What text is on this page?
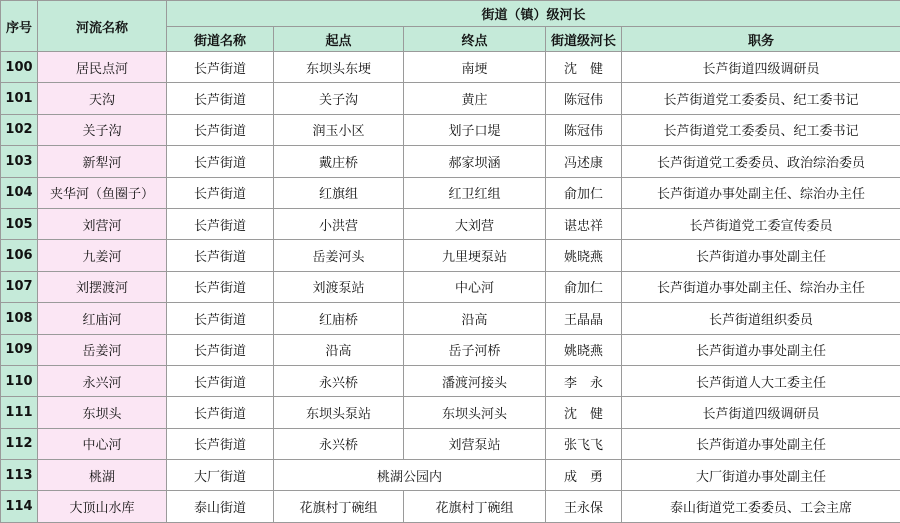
序号	河流名称	街道（镇）级河长				
		街道名称	起点	终点	街道级河长	职务
100	居民点河	长芦街道	东坝头东埂	南埂	沈　健	长芦街道四级调研员
101	天沟	长芦街道	关子沟	黄庄	陈冠伟	长芦街道党工委委员、纪工委书记
102	关子沟	长芦街道	润玉小区	划子口堤	陈冠伟	长芦街道党工委委员、纪工委书记
103	新犁河	长芦街道	戴庄桥	郝家坝涵	冯述康	长芦街道党工委委员、政治综治委员
104	夹华河（鱼圈子）	长芦街道	红旗组	红卫红组	俞加仁	长芦街道办事处副主任、综治办主任
105	刘营河	长芦街道	小洪营	大刘营	谌忠祥	长芦街道党工委宣传委员
106	九姜河	长芦街道	岳姜河头	九里埂泵站	姚晓燕	长芦街道办事处副主任
107	刘摆渡河	长芦街道	刘渡泵站	中心河	俞加仁	长芦街道办事处副主任、综治办主任
108	红庙河	长芦街道	红庙桥	沿高	王晶晶	长芦街道组织委员
109	岳姜河	长芦街道	沿高	岳子河桥	姚晓燕	长芦街道办事处副主任
110	永兴河	长芦街道	永兴桥	潘渡河接头	李　永	长芦街道人大工委主任
111	东坝头	长芦街道	东坝头泵站	东坝头河头	沈　健	长芦街道四级调研员
112	中心河	长芦街道	永兴桥	刘营泵站	张飞飞	长芦街道办事处副主任
113	桃湖	大厂街道	桃湖公园内		成　勇	大厂街道办事处副主任
114	大顶山水库	泰山街道	花旗村丁碗组	花旗村丁碗组	王永保	泰山街道党工委委员、工会主席
